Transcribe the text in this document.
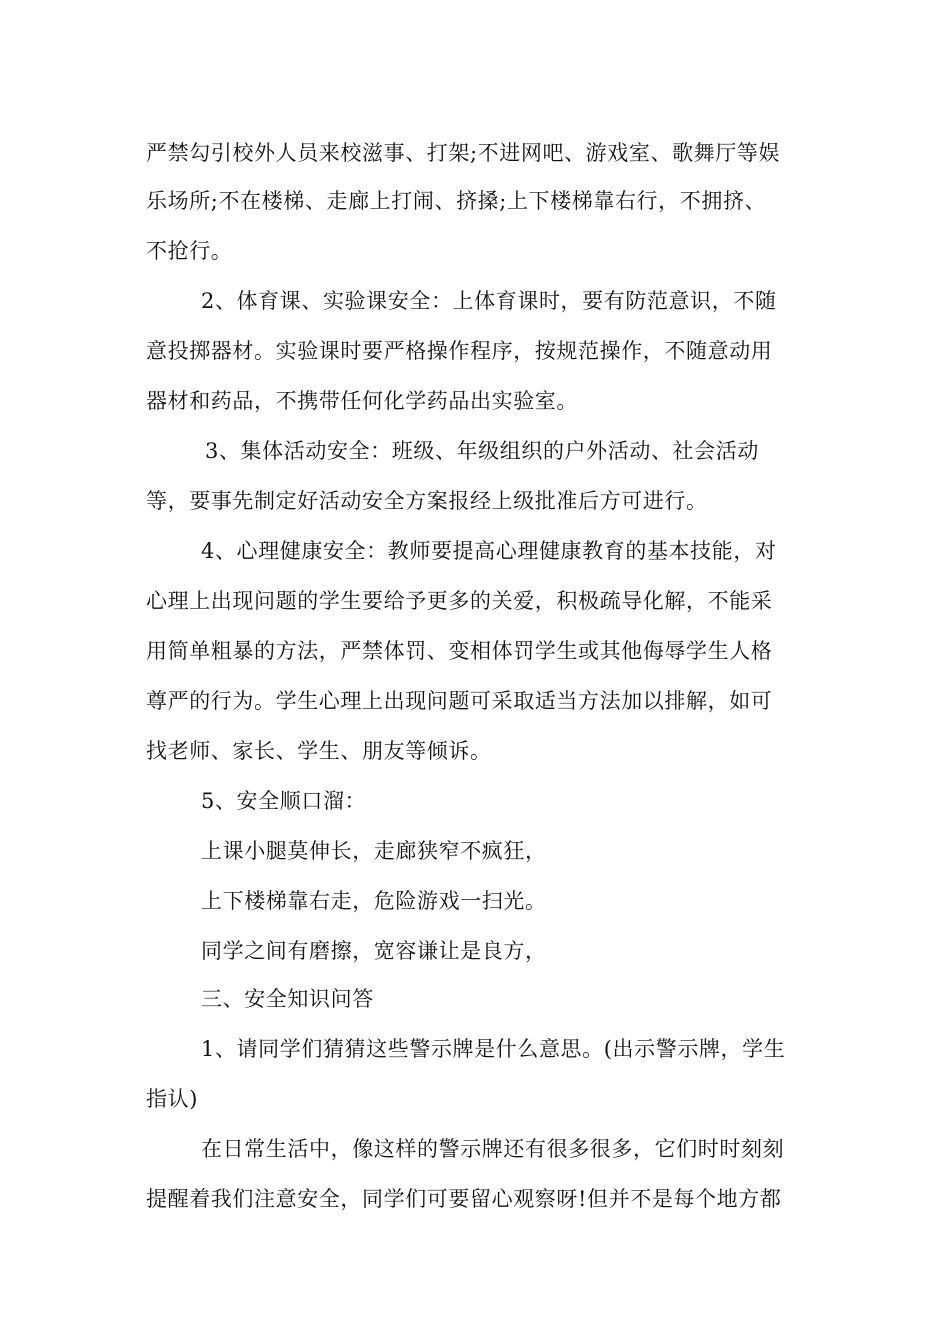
严禁勾引校外人员来校滋事、打架;不进网吧、游戏室、歌舞厅等娱
乐场所;不在楼梯、走廊上打闹、挤搡;上下楼梯靠右行，不拥挤、
不抢行。
2、体育课、实验课安全：上体育课时，要有防范意识，不随
意投掷器材。实验课时要严格操作程序，按规范操作，不随意动用
器材和药品，不携带任何化学药品出实验室。
3、集体活动安全：班级、年级组织的户外活动、社会活动
等，要事先制定好活动安全方案报经上级批准后方可进行。
4、心理健康安全：教师要提高心理健康教育的基本技能，对
心理上出现问题的学生要给予更多的关爱，积极疏导化解，不能采
用简单粗暴的方法，严禁体罚、变相体罚学生或其他侮辱学生人格
尊严的行为。学生心理上出现问题可采取适当方法加以排解，如可
找老师、家长、学生、朋友等倾诉。
5、安全顺口溜：
上课小腿莫伸长，走廊狭窄不疯狂，
上下楼梯靠右走，危险游戏一扫光。
同学之间有磨擦，宽容谦让是良方，
三、安全知识问答
1、请同学们猜猜这些警示牌是什么意思。(出示警示牌，学生
指认)
在日常生活中，像这样的警示牌还有很多很多，它们时时刻刻
提醒着我们注意安全，同学们可要留心观察呀!但并不是每个地方都
